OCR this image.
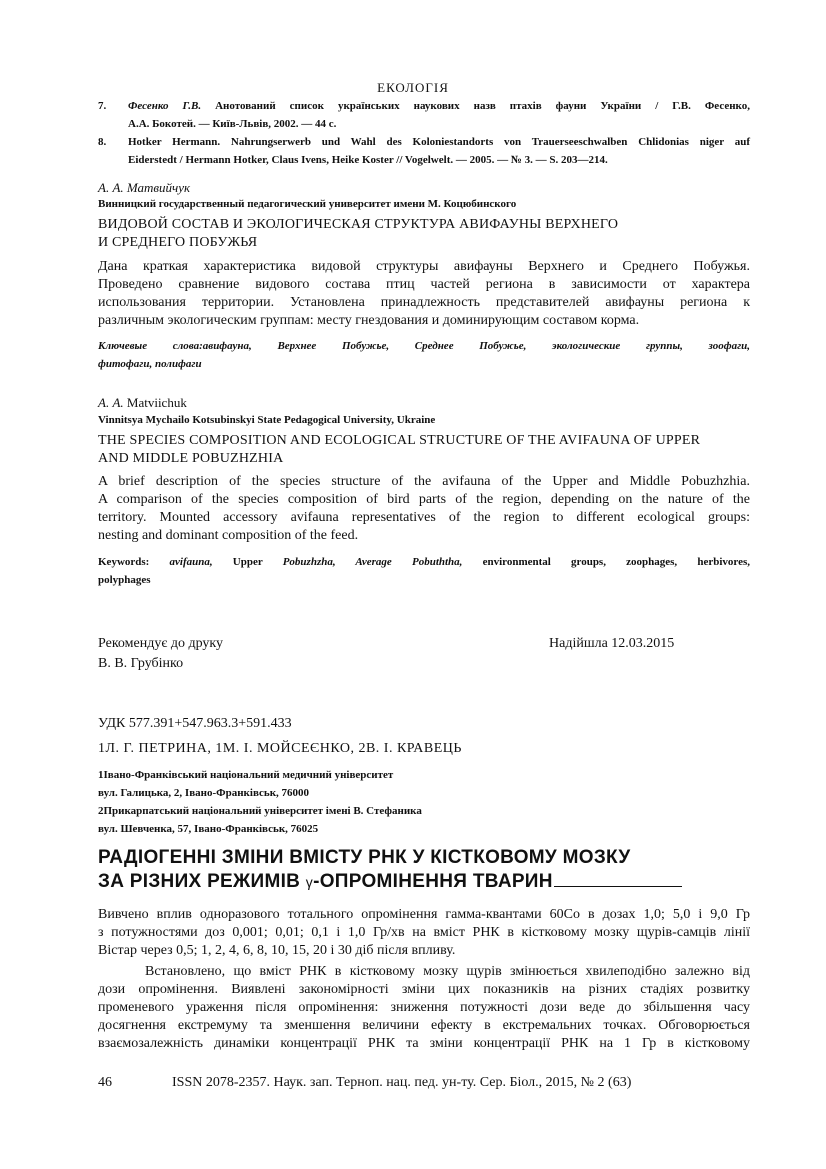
ЕКОЛОГІЯ
7.	Фесенко Г.В. Анотований список українських наукових назв птахів фауни України / Г.В. Фесенко,
А.А. Бокотей. — Київ-Львів, 2002. — 44 с.
8.	Hotker Hermann. Nahrungserwerb und Wahl des Koloniestandorts von Trauerseeschwalben Chlidonias niger auf
Eiderstedt / Hermann Hotker, Claus Ivens, Heike Koster // Vogelwelt. — 2005. — № 3. — S. 203—214.
А. А. Матвийчук
Винницкий государственный педагогический университет имени М. Коцюбинского
ВИДОВОЙ СОСТАВ И ЭКОЛОГИЧЕСКАЯ СТРУКТУРА АВИФАУНЫ ВЕРХНЕГО
И СРЕДНЕГО ПОБУЖЬЯ
Дана краткая характеристика видовой структуры авифауны Верхнего и Среднего Побужья.
Проведено сравнение видового состава птиц частей региона в зависимости от характера
использования территории. Установлена принадлежность представителей авифауны региона к
различным экологическим группам: месту гнездования и доминирующим составом корма.
Ключевые слова:авифауна, Верхнее Побужье, Среднее Побужье, экологические группы, зоофаги,
фитофаги, полифаги
А. А. Matviichuk
Vinnitsya Mychailo Kotsubinskyi State Pedagogical University, Ukraine
THE SPECIES COMPOSITION AND ECOLOGICAL STRUCTURE OF THE AVIFAUNA OF UPPER
AND MIDDLE POBUZHZHIA
A brief description of the species structure of the avifauna of the Upper and Middle Pobuzhzhia.
A comparison of the species composition of bird parts of the region, depending on the nature of the
territory. Mounted accessory avifauna representatives of the region to different ecological groups:
nesting and dominant composition of the feed.
Keywords: avifauna, Upper Pobuzhzha, Average Pobuththa, environmental groups, zoophages, herbivores,
polyphages
Рекомендує до друку	Надійшла 12.03.2015
В. В. Грубінко
УДК 577.391+547.963.3+591.433
1Л. Г. ПЕТРИНА, 1М. І. МОЙСЕЄНКО, 2В. І. КРАВЕЦЬ
1Івано-Франківський національний медичний університет
вул. Галицька, 2, Івано-Франківськ, 76000
2Прикарпатський національний університет імені В. Стефаника
вул. Шевченка, 57, Івано-Франківськ, 76025
РАДІОГЕННІ ЗМІНИ ВМІСТУ РНК У КІСТКОВОМУ МОЗКУ
ЗА РІЗНИХ РЕЖИМІВ γ-ОПРОМІНЕННЯ ТВАРИН
Вивчено вплив одноразового тотального опромінення гамма-квантами 60Со в дозах 1,0; 5,0 і 9,0 Гр
з потужностями доз 0,001; 0,01; 0,1 і 1,0 Гр/хв на вміст РНК в кістковому мозку щурів-самців лінії
Вістар через 0,5; 1, 2, 4, 6, 8, 10, 15, 20 і 30 діб після впливу.
Встановлено, що вміст РНК в кістковому мозку щурів змінюється хвилеподібно залежно від
дози опромінення. Виявлені закономірності зміни цих показників на різних стадіях розвитку
променевого ураження після опромінення: зниження потужності дози веде до збільшення часу
досягнення екстремуму та зменшення величини ефекту в екстремальних точках. Обговорюється
взаємозалежність динаміки концентрації РНК та зміни концентрації РНК на 1 Гр в кістковому
46	ISSN 2078-2357. Наук. зап. Терноп. нац. пед. ун-ту. Сер. Біол., 2015, № 2 (63)
